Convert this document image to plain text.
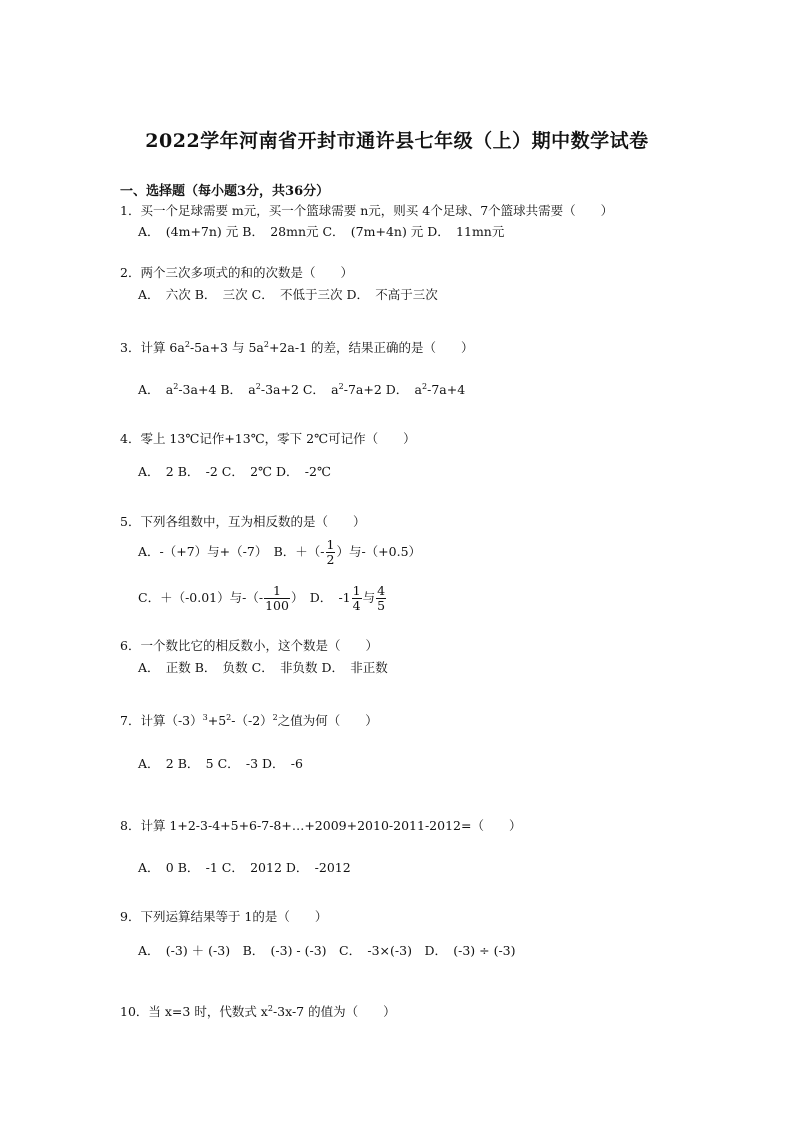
2022学年河南省开封市通许县七年级（上）期中数学试卷
一、选择题（每小题3分，共36分）
1．买一个足球需要 m元，买一个篮球需要 n元，则买 4个足球、7个篮球共需要（　　）
A．　(4m+7n) 元 B．　28mn元 C．　(7m+4n) 元 D．　11mn元
2．两个三次多项式的和的次数是（　　）
A．　六次 B．　三次 C．　不低于三次 D．　不高于三次
3．计算 $6a^2-5a+3$ 与 $5a^2+2a-1$ 的差，结果正确的是（　　）
A．　$a^2-3a+4$ B．　$a^2-3a+2$ C．　$a^2-7a+2$ D．　$a^2-7a+4$
4．零上 13℃记作+13℃，零下 2℃可记作（　　）
A．　2 B．　-2 C．　2℃ D．　-2℃
5．下列各组数中，互为相反数的是（　　）
A．-（+7）与+（-7）　B．＋（- $\frac{1}{2}$ ）与-（+0.5）
C．＋（-0.01）与-（- $\frac{1}{100}$ ）　D．　$-1 \frac{1}{4}$ 与 $\frac{4}{5}$
6．一个数比它的相反数小，这个数是（　　）
A．　正数 B．　负数 C．　非负数 D．　非正数
7．计算$(-3)^3+5^2-(-2)^2$之值为何（　　）
A．　2 B．　5 C．　-3 D．　-6
8．计算 1+2-3-4+5+6-7-8+…+2009+2010-2011-2012=（　　）
A．　0 B．　-1 C．　2012 D．　-2012
9．下列运算结果等于 1的是（　　）
A．　(-3) ＋ (-3)　B．　(-3) - (-3)　C．　-3×(-3)　D．　(-3) ÷ (-3)
10．当 x=3 时，代数式 $x^2-3x-7$ 的值为（　　）
